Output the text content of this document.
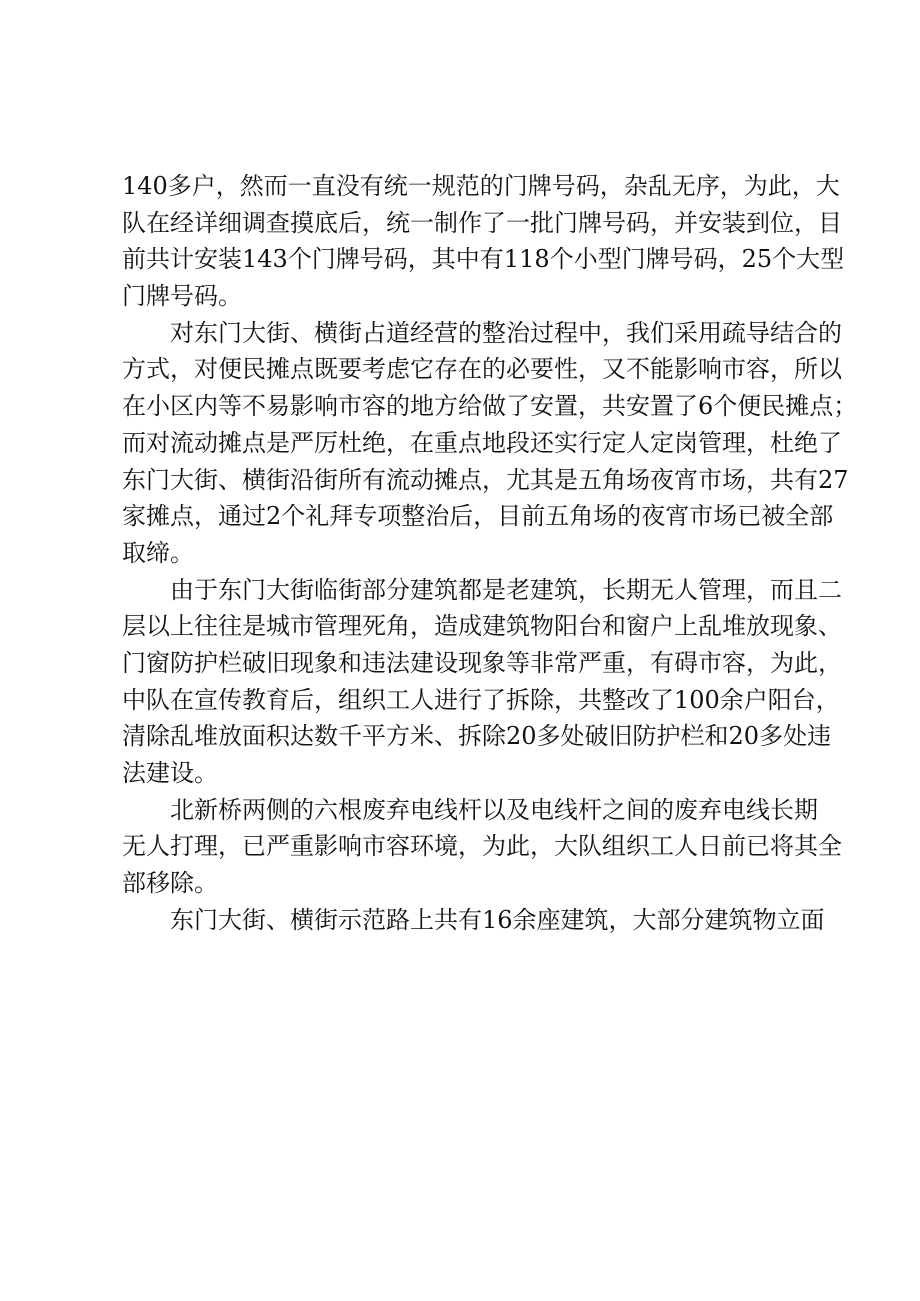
140多户，然而一直没有统一规范的门牌号码，杂乱无序，为此，大
队在经详细调查摸底后，统一制作了一批门牌号码，并安装到位，目
前共计安装143个门牌号码，其中有118个小型门牌号码，25个大型
门牌号码。
对东门大街、横街占道经营的整治过程中，我们采用疏导结合的
方式，对便民摊点既要考虑它存在的必要性，又不能影响市容，所以
在小区内等不易影响市容的地方给做了安置，共安置了6个便民摊点；
而对流动摊点是严厉杜绝，在重点地段还实行定人定岗管理，杜绝了
东门大街、横街沿街所有流动摊点，尤其是五角场夜宵市场，共有27
家摊点，通过2个礼拜专项整治后，目前五角场的夜宵市场已被全部
取缔。
由于东门大街临街部分建筑都是老建筑，长期无人管理，而且二
层以上往往是城市管理死角，造成建筑物阳台和窗户上乱堆放现象、
门窗防护栏破旧现象和违法建设现象等非常严重，有碍市容，为此，
中队在宣传教育后，组织工人进行了拆除，共整改了100余户阳台，
清除乱堆放面积达数千平方米、拆除20多处破旧防护栏和20多处违
法建设。
北新桥两侧的六根废弃电线杆以及电线杆之间的废弃电线长期
无人打理，已严重影响市容环境，为此，大队组织工人日前已将其全
部移除。
东门大街、横街示范路上共有16余座建筑，大部分建筑物立面
